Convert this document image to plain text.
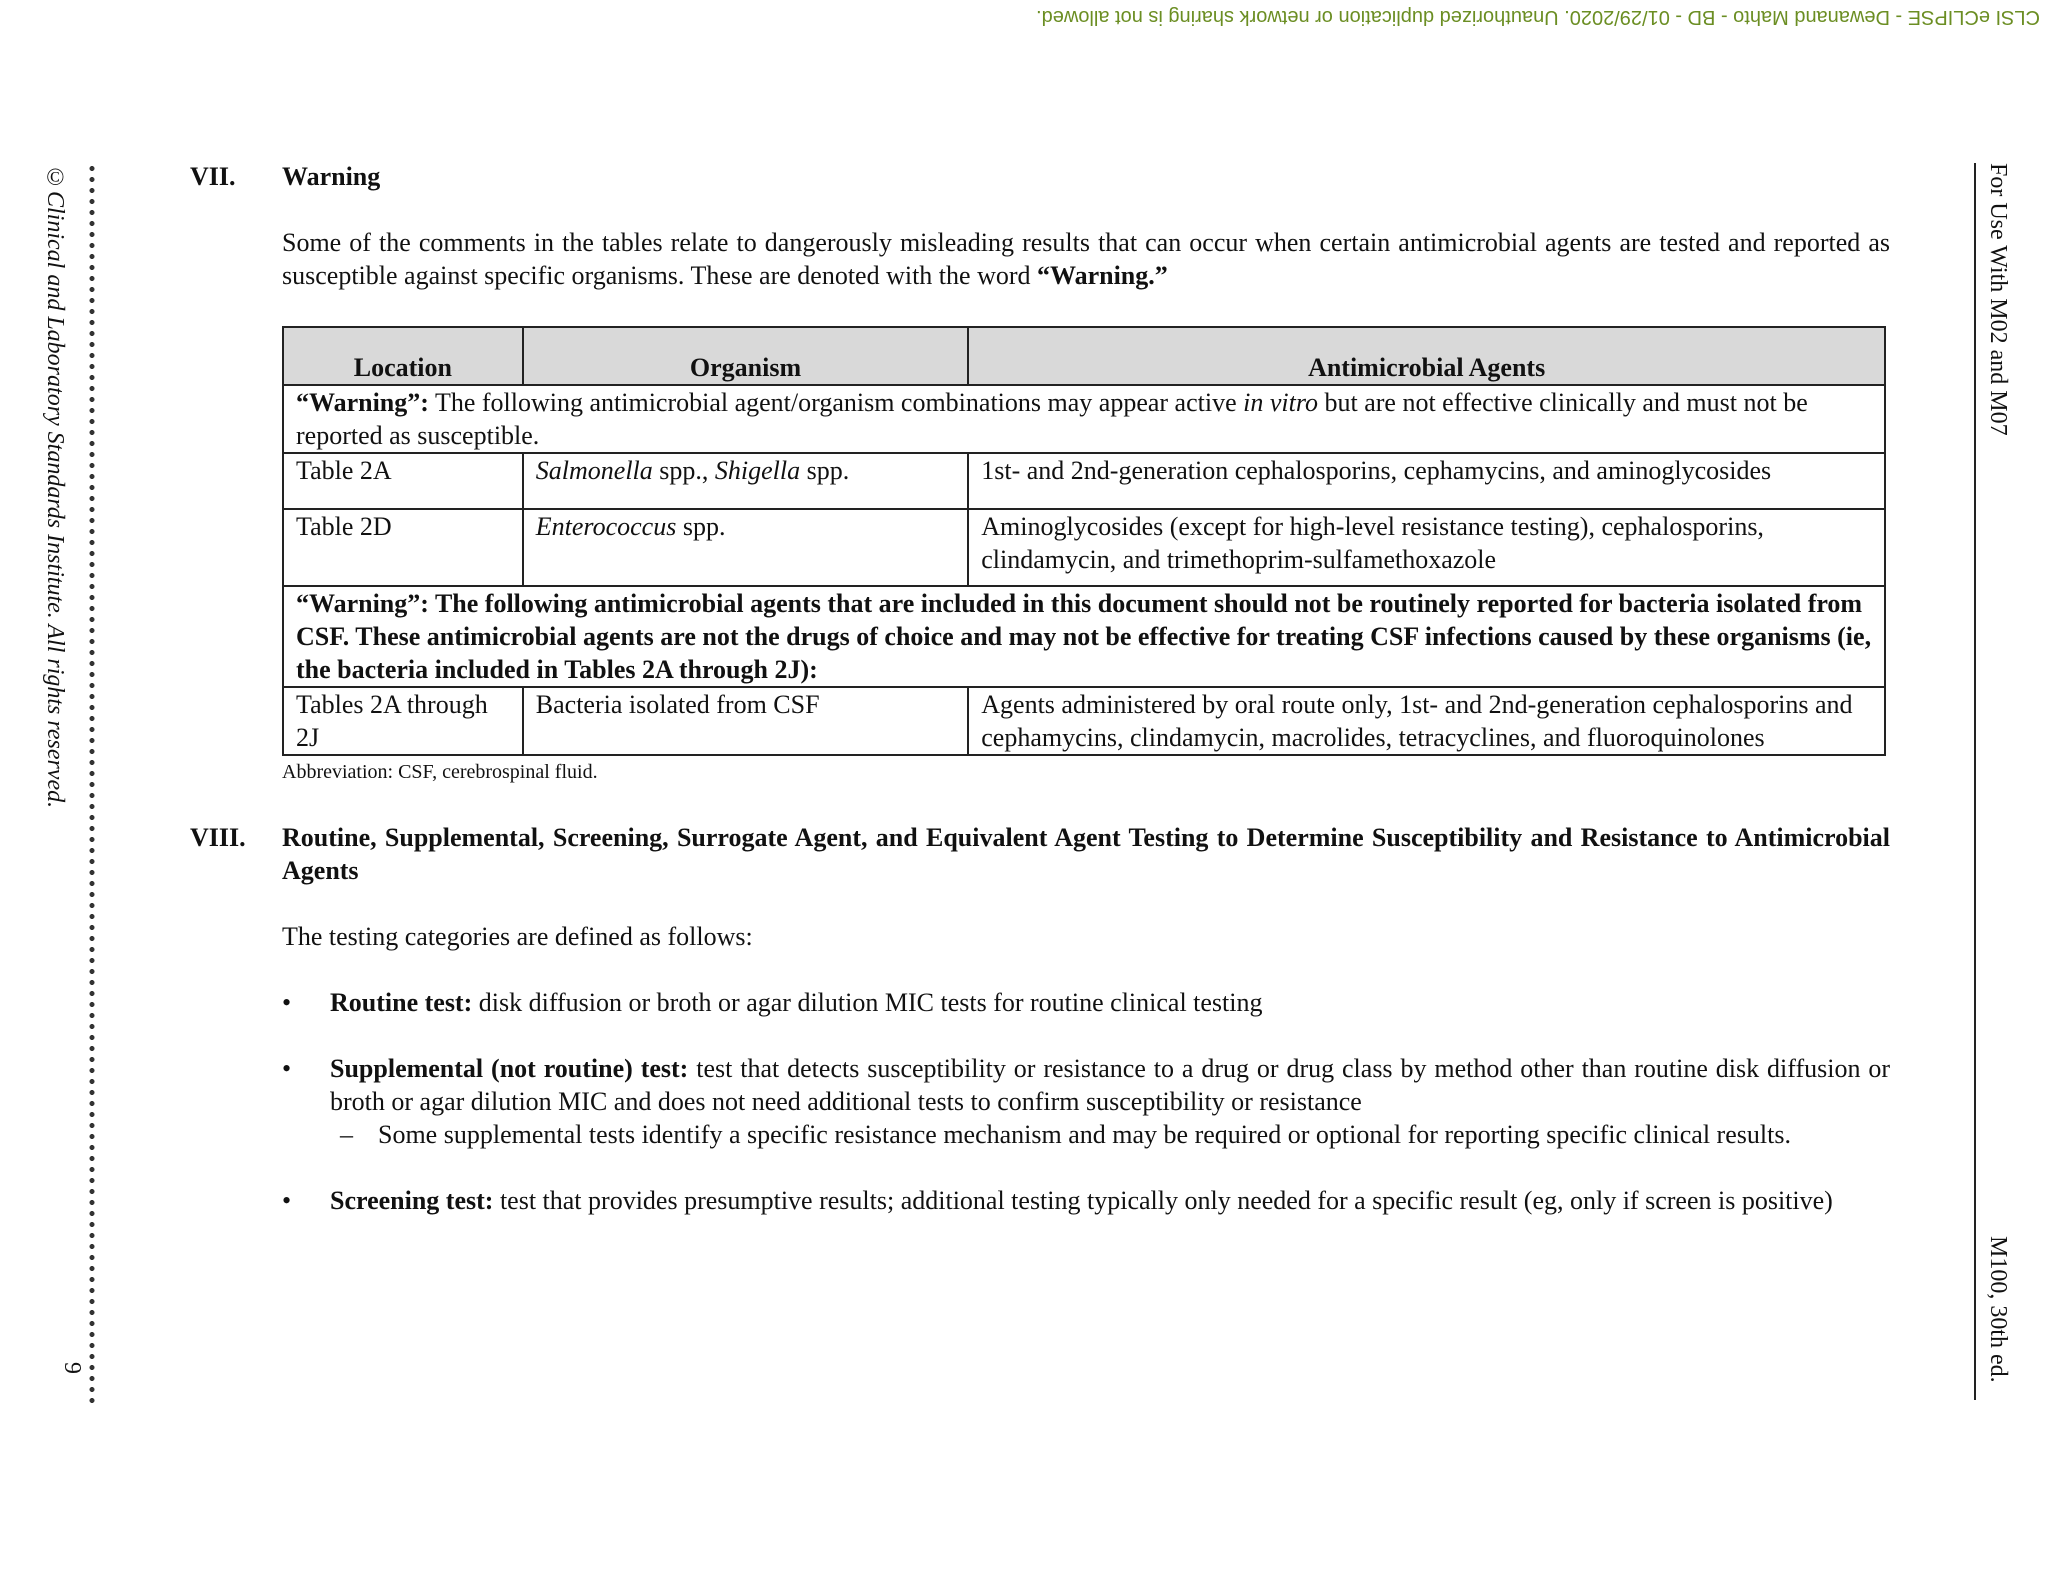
CLSI eCLIPSE - Dewanand Mahto - BD - 01/29/2020. Unauthorized duplication or network sharing is not allowed.
©Clinical and Laboratory Standards Institute. All rights reserved.
9
For Use With M02 and M07
M100, 30th ed.
VII.	Warning

Some of the comments in the tables relate to dangerously misleading results that can occur when certain antimicrobial agents are tested and reported as susceptible against specific organisms. These are denoted with the word “Warning.”

Location	Organism	Antimicrobial Agents
“Warning”: The following antimicrobial agent/organism combinations may appear active in vitro but are not effective clinically and must not be reported as susceptible.		
Table 2A	Salmonella spp., Shigella spp.	1st- and 2nd-generation cephalosporins, cephamycins, and aminoglycosides
Table 2D	Enterococcus spp.	Aminoglycosides (except for high-level resistance testing), cephalosporins, clindamycin, and trimethoprim-sulfamethoxazole
“Warning”: The following antimicrobial agents that are included in this document should not be routinely reported for bacteria isolated from CSF. These antimicrobial agents are not the drugs of choice and may not be effective for treating CSF infections caused by these organisms (ie, the bacteria included in Tables 2A through 2J):		
Tables 2A through 2J	Bacteria isolated from CSF	Agents administered by oral route only, 1st- and 2nd-generation cephalosporins and cephamycins, clindamycin, macrolides, tetracyclines, and fluoroquinolones
Abbreviation: CSF, cerebrospinal fluid.
VIII.	Routine, Supplemental, Screening, Surrogate Agent, and Equivalent Agent Testing to Determine Susceptibility and Resistance to Antimicrobial Agents

The testing categories are defined as follows:

• Routine test: disk diffusion or broth or agar dilution MIC tests for routine clinical testing
• Supplemental (not routine) test: test that detects susceptibility or resistance to a drug or drug class by method other than routine disk diffusion or broth or agar dilution MIC and does not need additional tests to confirm susceptibility or resistance
– Some supplemental tests identify a specific resistance mechanism and may be required or optional for reporting specific clinical results.
• Screening test: test that provides presumptive results; additional testing typically only needed for a specific result (eg, only if screen is positive)
